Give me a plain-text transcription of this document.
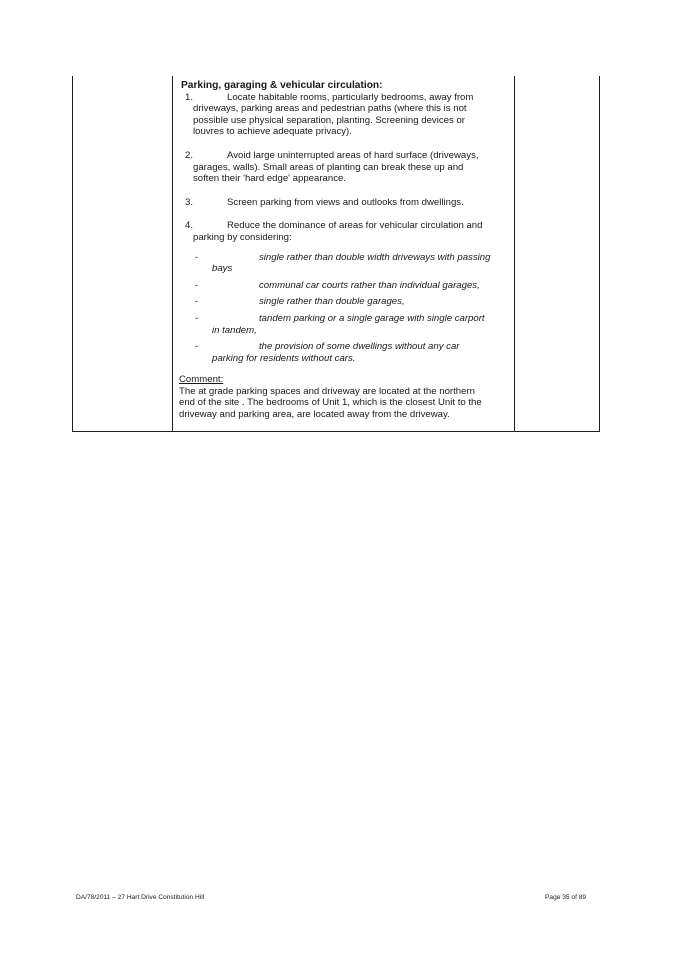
Parking, garaging & vehicular circulation:
1.	Locate habitable rooms, particularly bedrooms, away from

driveways, parking areas and pedestrian paths (where this is not

possible use physical separation, planting. Screening devices or

louvres to achieve adequate privacy).

2.	Avoid large uninterrupted areas of hard surface (driveways,

garages, walls). Small areas of planting can break these up and

soften their 'hard edge' appearance.

3.	Screen parking from views and outlooks from dwellings.

4.	Reduce the dominance of areas for vehicular circulation and

parking by considering:

-	single rather than double width driveways with passing
bays
-	communal car courts rather than individual garages,
-	single rather than double garages,
-	tandem parking or a single garage with single carport
in tandem,
-	the provision of some dwellings without any car
parking for residents without cars.
Comment:
The at grade parking spaces and driveway are located at the northern
end of the site . The bedrooms of Unit 1, which is the closest Unit to the
driveway and parking area, are located away from the driveway.
DA/78/2011 – 27 Hart Drive Constitution Hill	Page 35 of 89
